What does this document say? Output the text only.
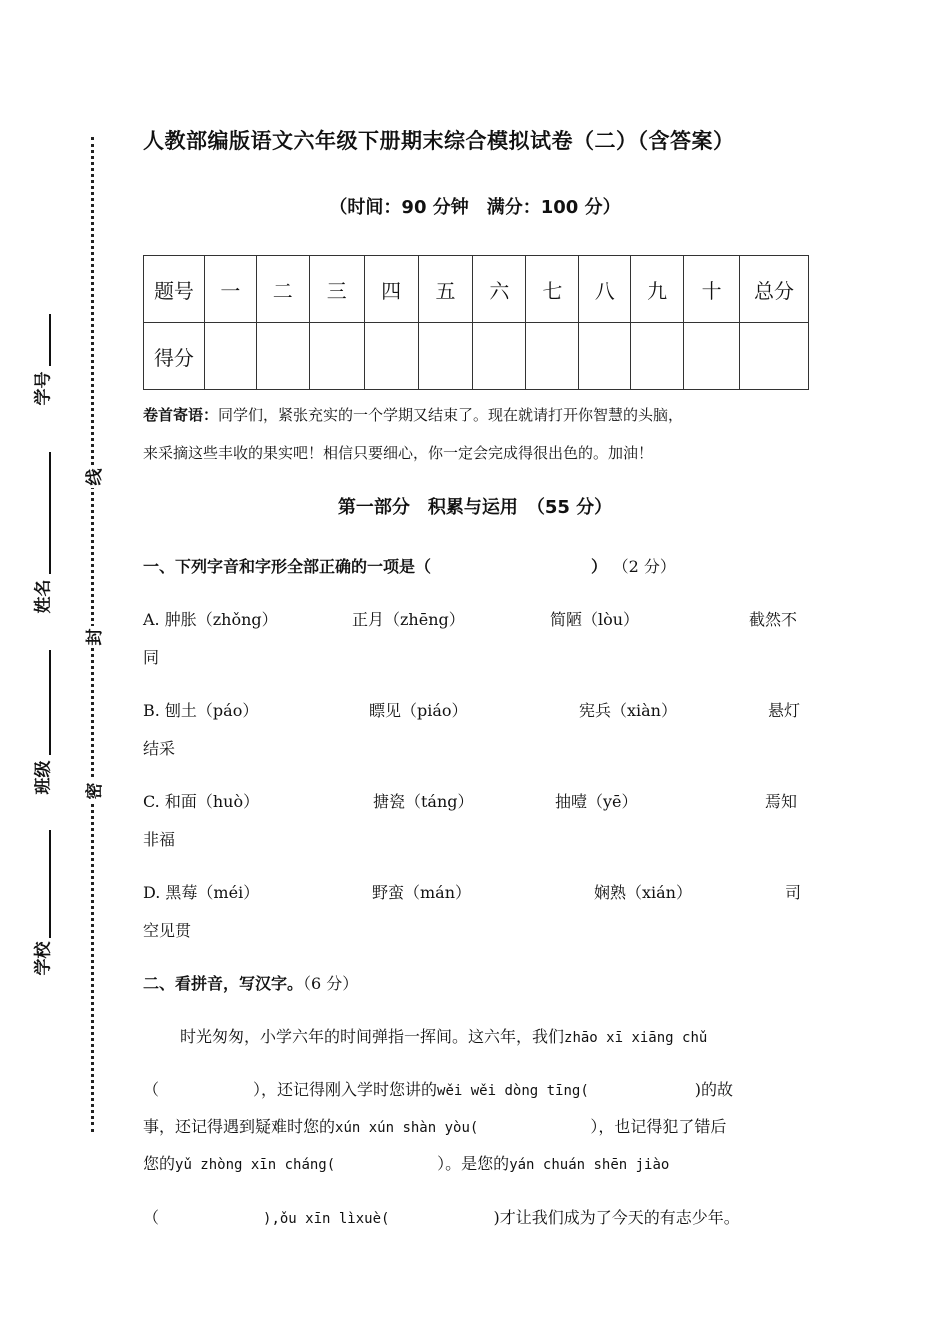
线
封
密
学号
姓名
班级
学校
人教部编版语文六年级下册期末综合模拟试卷（二）（含答案）
（时间：90 分钟　满分：100 分）
题号	一	二	三	四	五	六	七	八	九	十	总分
得分											
卷首寄语：同学们，紧张充实的一个学期又结束了。现在就请打开你智慧的头脑，
来采摘这些丰收的果实吧！相信只要细心，你一定会完成得很出色的。加油！
第一部分　积累与运用　（55 分）
一、下列字音和字形全部正确的一项是（	） （2 分）
A. 肿胀（zhǒng）	正月（zhēng）	简陋（lòu）	截然不
同
B. 刨土（páo）	瞟见（piáo）	宪兵（xiàn）	悬灯
结采
C. 和面（huò）	搪瓷（táng）	抽噎（yē）	焉知
非福
D. 黑莓（méi）	野蛮（mán）	娴熟（xián）	司
空见贯
二、看拼音，写汉字。（6 分）
时光匆匆，小学六年的时间弹指一挥间。这六年，我们zhāo xī xiāng chǔ
（	），还记得刚入学时您讲的wěi wěi dòng tīng(	)的故
事，还记得遇到疑难时您的xún xún shàn yòu(	），也记得犯了错后
您的yǔ zhòng xīn cháng(	）。是您的yán chuán shēn jiào
（	),ǒu xīn lìxuè(	)才让我们成为了今天的有志少年。
